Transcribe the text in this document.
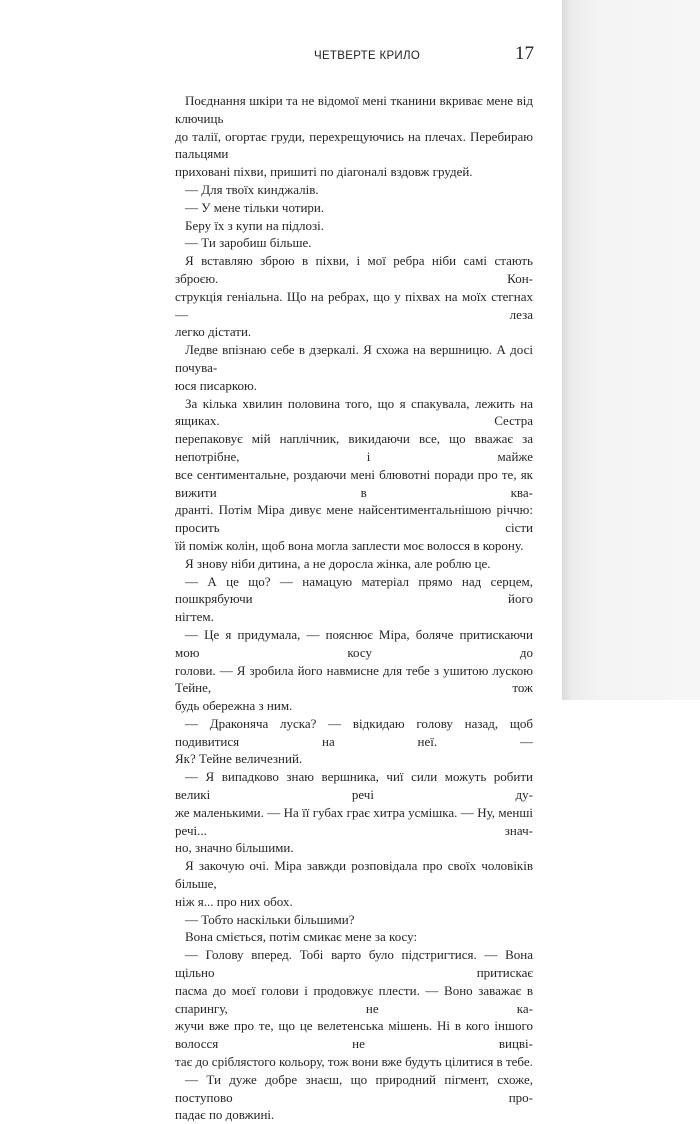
ЧЕТВЕРТЕ КРИЛО	17

Поєднання шкіри та не відомої мені тканини вкриває мене від ключиць

до талії, огортає груди, перехрещуючись на плечах. Перебираю пальцями

приховані піхви, пришиті по діагоналі вздовж грудей.

— Для твоїх кинджалів.

— У мене тільки чотири.

Беру їх з купи на підлозі.

— Ти заробиш більше.

Я вставляю зброю в піхви, і мої ребра ніби самі стають зброєю. Кон-

струкція геніальна. Що на ребрах, що у піхвах на моїх стегнах — леза

легко дістати.

Ледве впізнаю себе в дзеркалі. Я схожа на вершницю. А досі почува-

юся писаркою.

За кілька хвилин половина того, що я спакувала, лежить на ящиках. Сестра

перепаковує мій наплічник, викидаючи все, що вважає за непотрібне, і майже

все сентиментальне, роздаючи мені блювотні поради про те, як вижити в ква-

дранті. Потім Міра дивує мене найсентиментальнішою річчю: просить сісти

їй поміж колін, щоб вона могла заплести моє волосся в корону.

Я знову ніби дитина, а не доросла жінка, але роблю це.

— А це що? — намацую матеріал прямо над серцем, пошкрябуючи його

нігтем.

— Це я придумала, — пояснює Міра, боляче притискаючи мою косу до

голови. — Я зробила його навмисне для тебе з ушитою лускою Тейне, тож

будь обережна з ним.

— Драконяча луска? — відкидаю голову назад, щоб подивитися на неї. —

Як? Тейне величезний.

— Я випадково знаю вершника, чиї сили можуть робити великі речі ду-

же маленькими. — На її губах грає хитра усмішка. — Ну, менші речі... знач-

но, значно більшими.

Я закочую очі. Міра завжди розповідала про своїх чоловіків більше,

ніж я... про них обох.

— Тобто наскільки більшими?

Вона сміється, потім смикає мене за косу:

— Голову вперед. Тобі варто було підстригтися. — Вона щільно притискає

пасма до моєї голови і продовжує плести. — Воно заважає в спарингу, не ка-

жучи вже про те, що це велетенська мішень. Ні в кого іншого волосся не вицві-

тає до сріблястого кольору, тож вони вже будуть цілитися в тебе.

— Ти дуже добре знаєш, що природний пігмент, схоже, поступово про-

падає по довжині.
